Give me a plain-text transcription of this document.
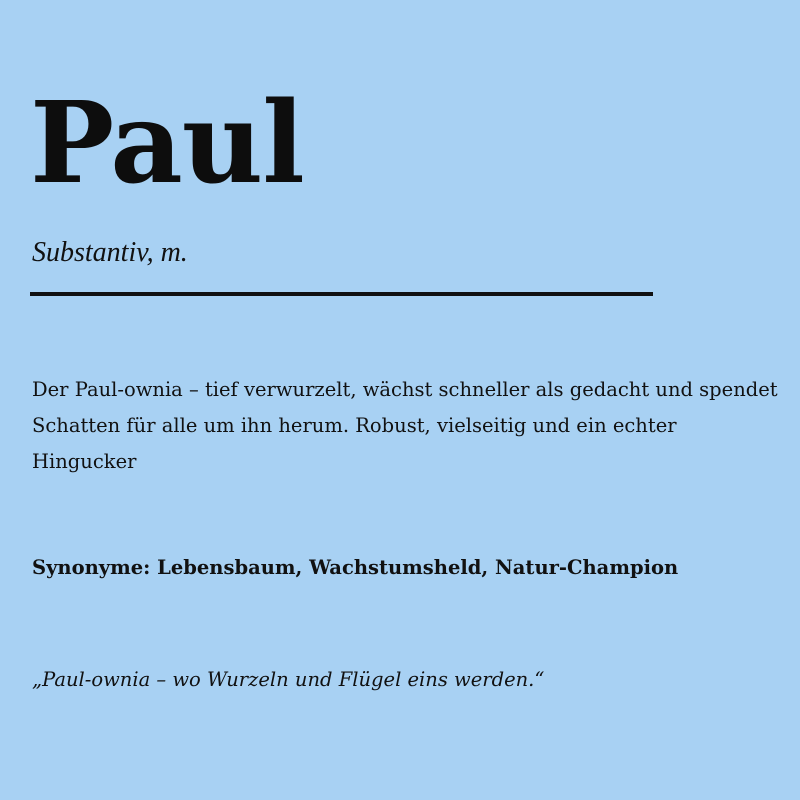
Paul

Substantiv, m.

Der Paul-ownia – tief verwurzelt, wächst schneller als gedacht und spendet Schatten für alle um ihn herum. Robust, vielseitig und ein echter Hingucker

Synonyme: Lebensbaum, Wachstumsheld, Natur-Champion

„Paul-ownia – wo Wurzeln und Flügel eins werden.“
